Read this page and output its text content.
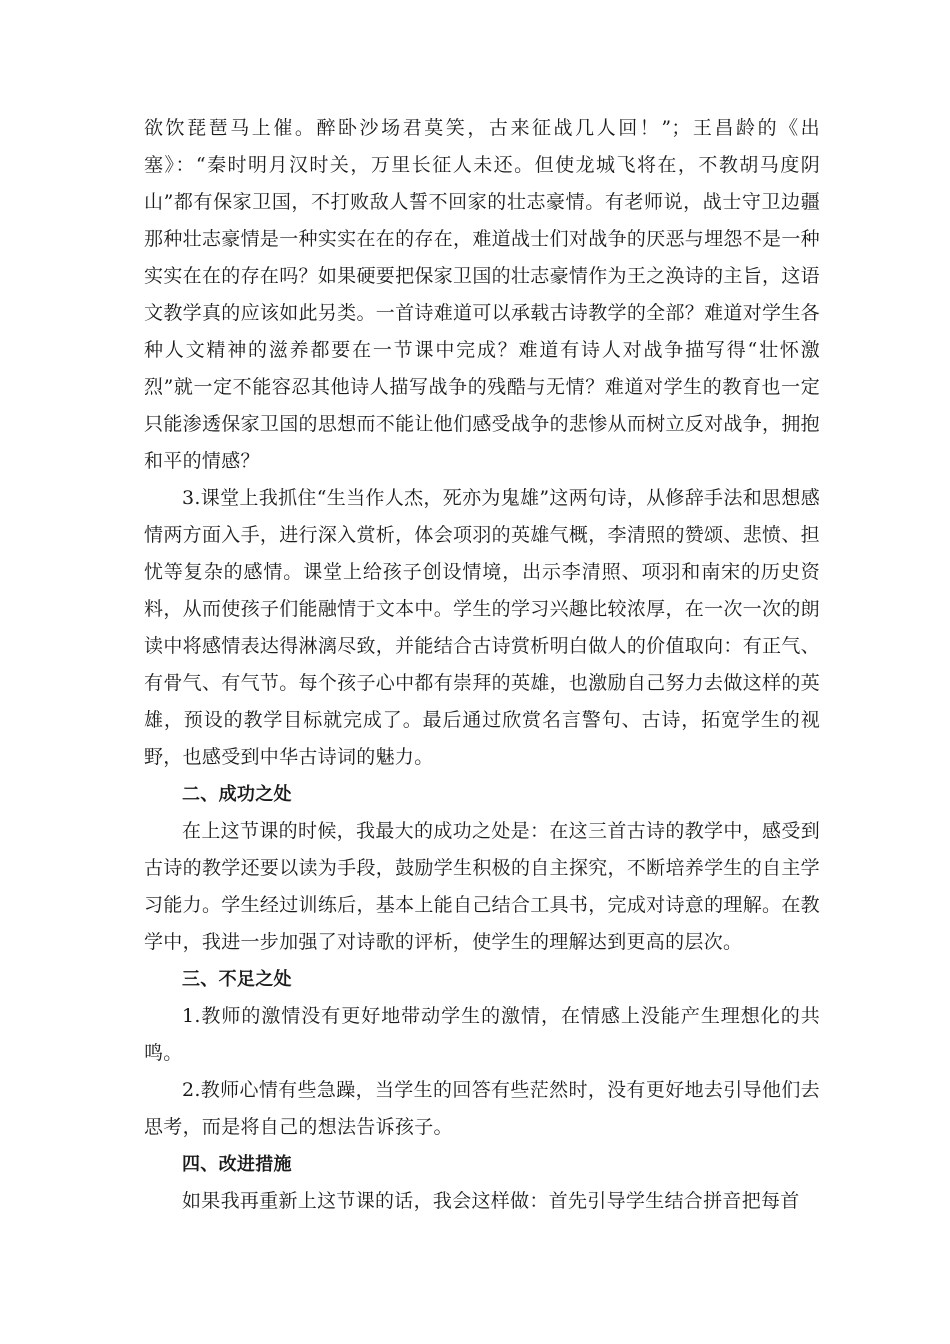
欲饮琵琶马上催。醉卧沙场君莫笑，古来征战几人回！”；王昌龄的《出塞》：“秦时明月汉时关，万里长征人未还。但使龙城飞将在，不教胡马度阴山”都有保家卫国，不打败敌人誓不回家的壮志豪情。有老师说，战士守卫边疆那种壮志豪情是一种实实在在的存在，难道战士们对战争的厌恶与埋怨不是一种实实在在的存在吗？如果硬要把保家卫国的壮志豪情作为王之涣诗的主旨，这语文教学真的应该如此另类。一首诗难道可以承载古诗教学的全部？难道对学生各种人文精神的滋养都要在一节课中完成？难道有诗人对战争描写得“壮怀激烈”就一定不能容忍其他诗人描写战争的残酷与无情？难道对学生的教育也一定只能渗透保家卫国的思想而不能让他们感受战争的悲惨从而树立反对战争，拥抱和平的情感？

3.课堂上我抓住“生当作人杰，死亦为鬼雄”这两句诗，从修辞手法和思想感情两方面入手，进行深入赏析，体会项羽的英雄气概，李清照的赞颂、悲愤、担忧等复杂的感情。课堂上给孩子创设情境，出示李清照、项羽和南宋的历史资料，从而使孩子们能融情于文本中。学生的学习兴趣比较浓厚，在一次一次的朗读中将感情表达得淋漓尽致，并能结合古诗赏析明白做人的价值取向：有正气、有骨气、有气节。每个孩子心中都有崇拜的英雄，也激励自己努力去做这样的英雄，预设的教学目标就完成了。最后通过欣赏名言警句、古诗，拓宽学生的视野，也感受到中华古诗词的魅力。

二、成功之处

在上这节课的时候，我最大的成功之处是：在这三首古诗的教学中，感受到古诗的教学还要以读为手段，鼓励学生积极的自主探究，不断培养学生的自主学习能力。学生经过训练后，基本上能自己结合工具书，完成对诗意的理解。在教学中，我进一步加强了对诗歌的评析，使学生的理解达到更高的层次。

三、不足之处

1.教师的激情没有更好地带动学生的激情，在情感上没能产生理想化的共鸣。

2.教师心情有些急躁，当学生的回答有些茫然时，没有更好地去引导他们去思考，而是将自己的想法告诉孩子。

四、改进措施

如果我再重新上这节课的话，我会这样做：首先引导学生结合拼音把每首
